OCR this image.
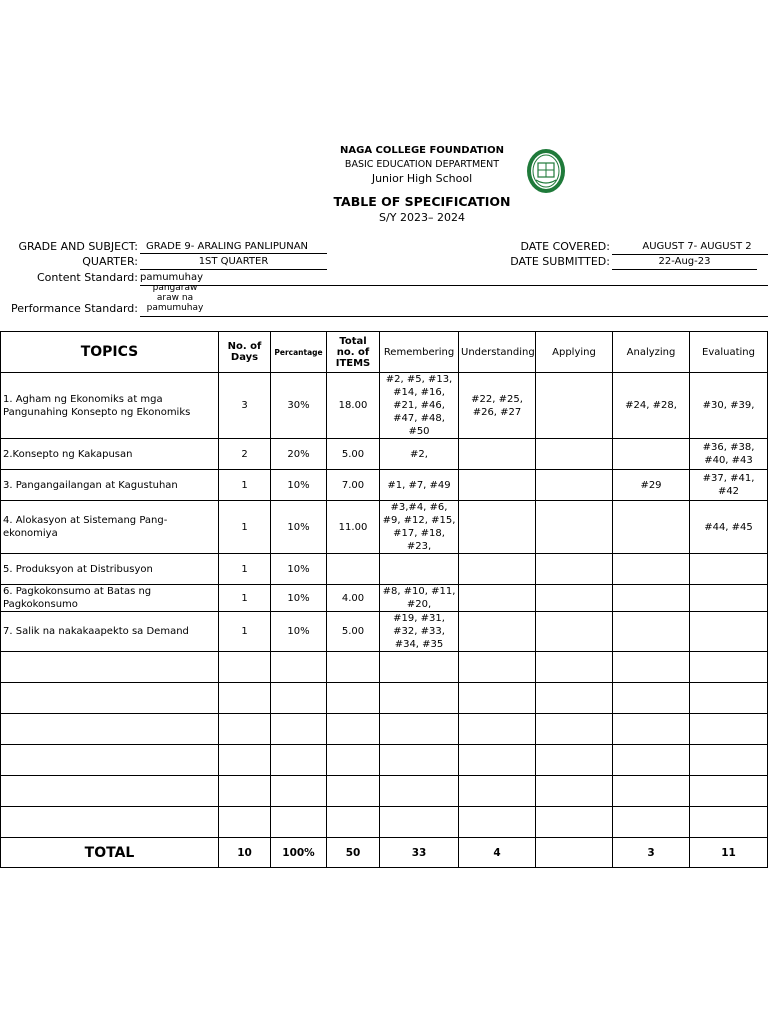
NAGA COLLEGE FOUNDATION
BASIC EDUCATION DEPARTMENT
Junior High School
TABLE OF SPECIFICATION
S/Y 2023– 2024
GRADE AND SUBJECT: GRADE 9- ARALING PANLIPUNAN
QUARTER:	1ST QUARTER
Content Standard: pamumuhay
Performance Standard:
pangaraw
araw na
pamumuhay
DATE COVERED:	AUGUST 7- AUGUST 2
DATE SUBMITTED:	22-Aug-23
TOPICS	No. of Days	Percantage	Total no. of ITEMS	Remembering	Understanding	Applying	Analyzing	Evaluating	
1. Agham ng Ekonomiks at mga Pangunahing Konsepto ng Ekonomiks	3	30%	18.00	#2, #5, #13, #14, #16, #21, #46, #47, #48, #50	#22, #25, #26, #27		#24, #28,	#30, #39,	
2.Konsepto ng Kakapusan	2	20%	5.00	#2,				#36, #38, #40, #43	
3. Pangangailangan at Kagustuhan	1	10%	7.00	#1, #7, #49			#29	#37, #41, #42	
4. Alokasyon at Sistemang Pang-ekonomiya	1	10%	11.00	#3,#4, #6, #9, #12, #15, #17, #18, #23,				#44, #45	
5. Produksyon at Distribusyon	1	10%							
6. Pagkokonsumo at Batas ng Pagkokonsumo	1	10%	4.00	#8, #10, #11, #20,					
7. Salik na nakakaapekto sa Demand	1	10%	5.00	#19, #31, #32, #33, #34, #35					

TOTAL	10	100%	50	33	4		3	11	
